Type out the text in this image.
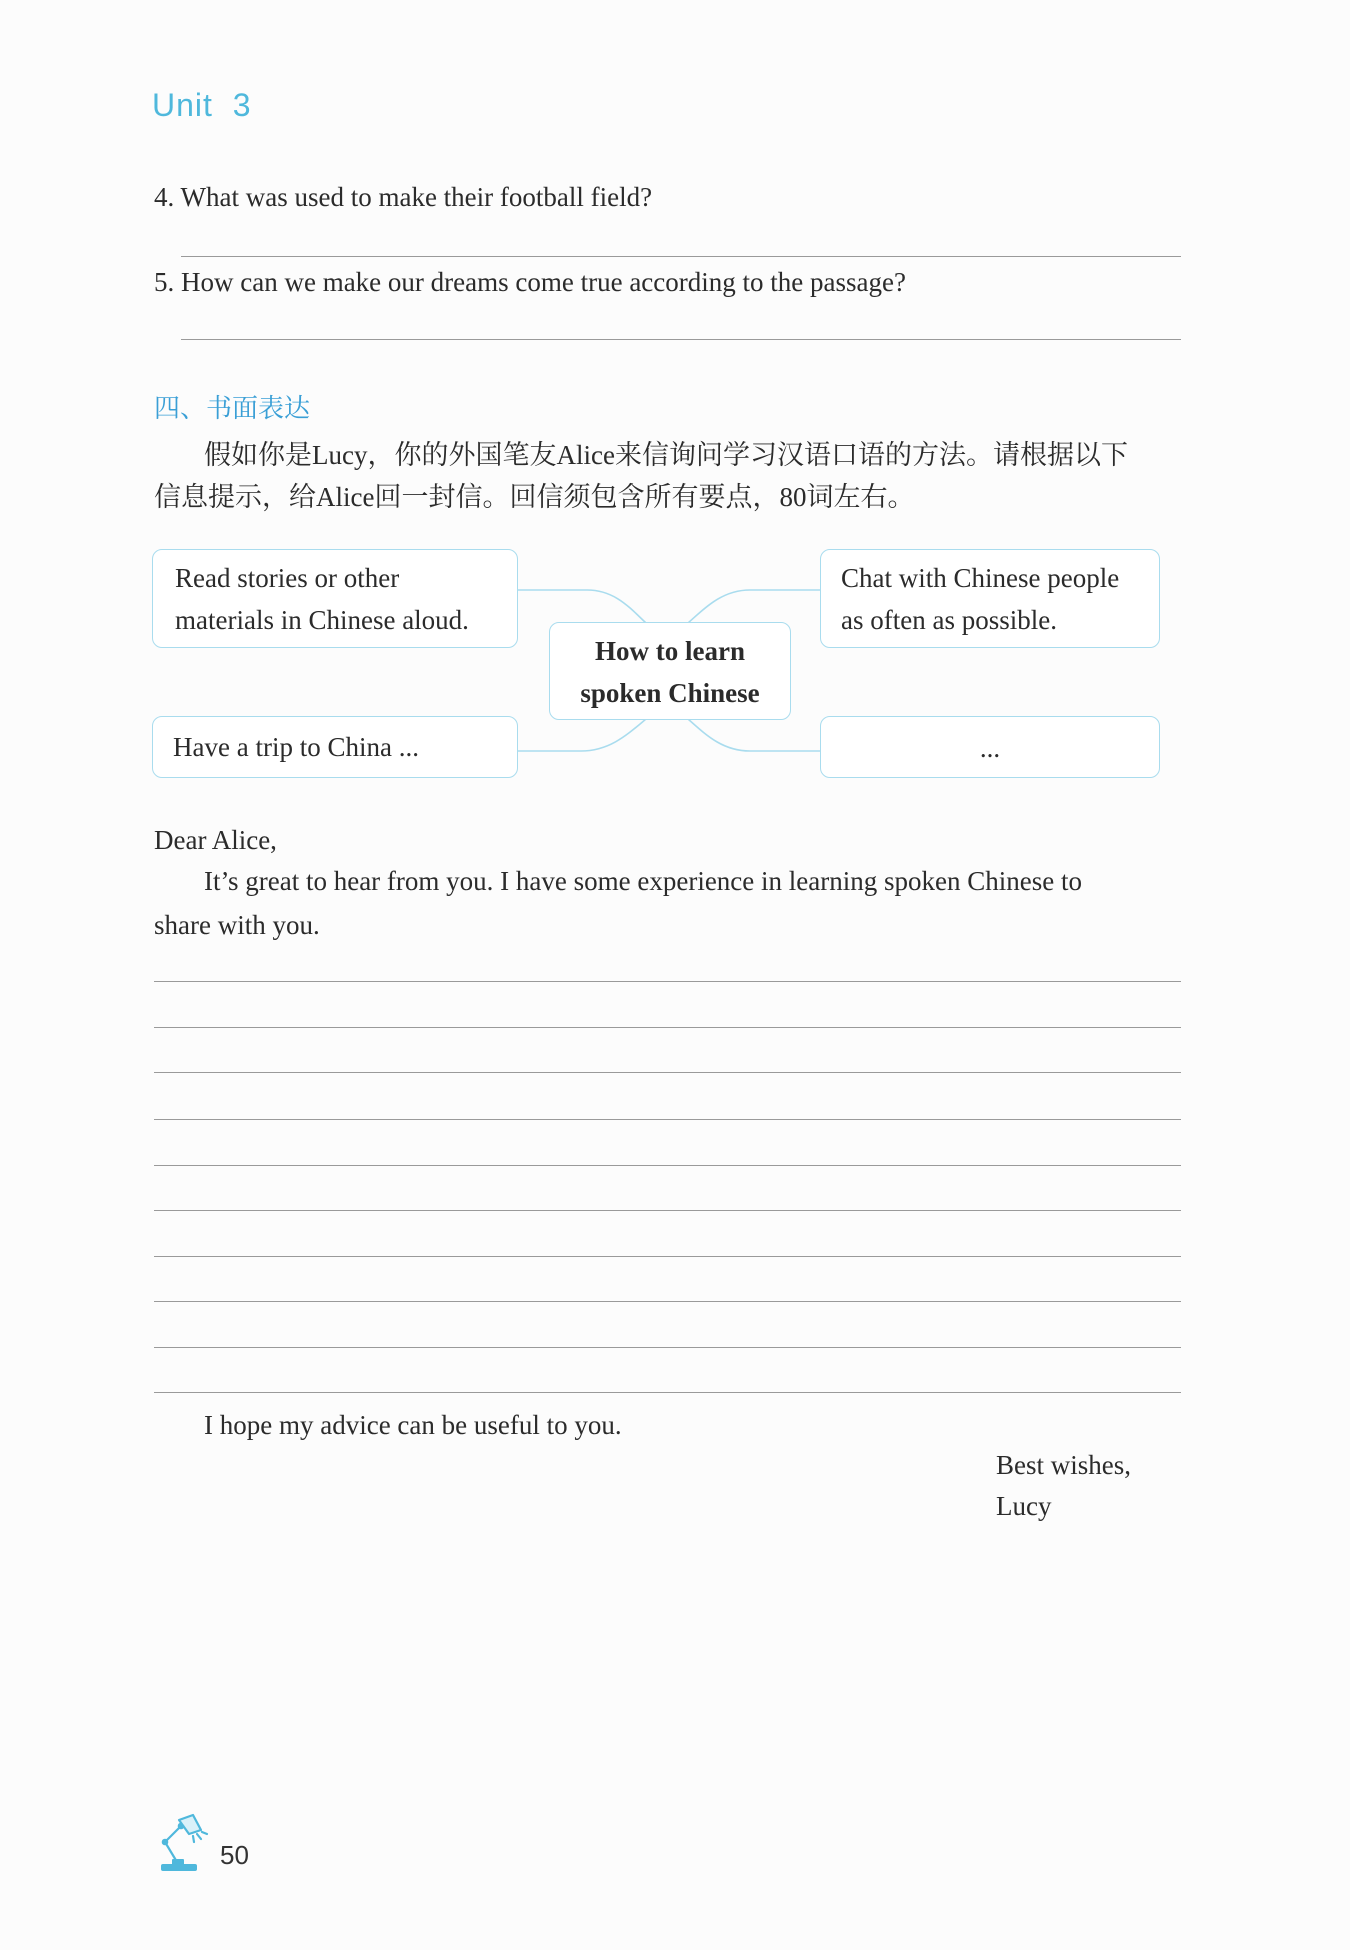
Unit 3
4. What was used to make their football field?
5. How can we make our dreams come true according to the passage?
四、书面表达
假如你是Lucy，你的外国笔友Alice来信询问学习汉语口语的方法。请根据以下
信息提示，给Alice回一封信。回信须包含所有要点，80词左右。
Read stories or other
materials in Chinese aloud.
Chat with Chinese people
as often as possible.
How to learn
spoken Chinese
Have a trip to China ...	...
Dear Alice,
It’s great to hear from you. I have some experience in learning spoken Chinese to
share with you.
I hope my advice can be useful to you.
Best wishes,
Lucy
50
